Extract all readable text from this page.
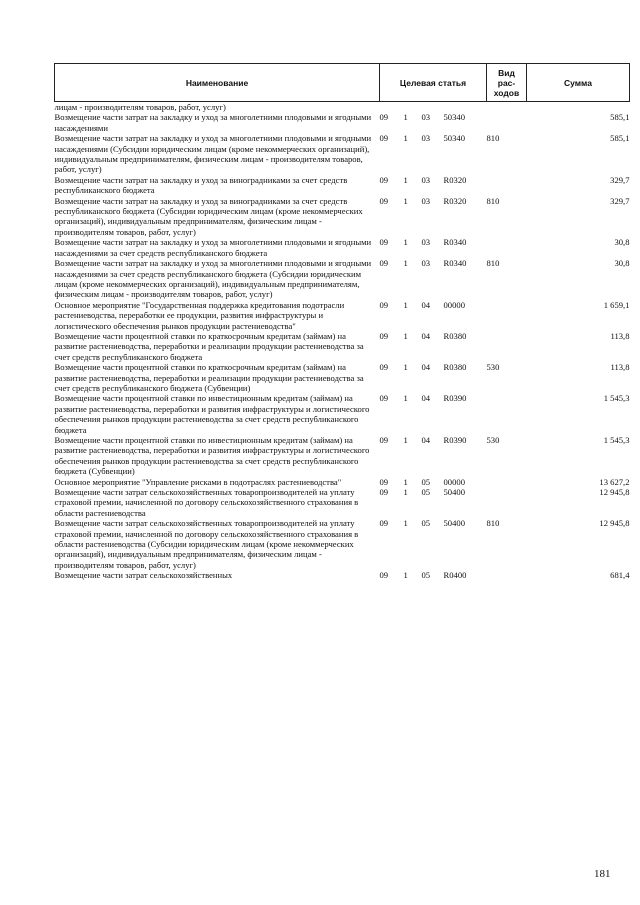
Наименование	Целевая статья				Вид рас- ходов	Сумма
лицам - производителям товаров, работ, услуг)						
Возмещение части затрат на закладку и уход за многолетними плодовыми и ягодными насаждениями	09	1	03	50340		585,1
Возмещение части затрат на закладку и уход за многолетними плодовыми и ягодными насаждениями (Субсидии юридическим лицам (кроме некоммерческих организаций), индивидуальным предпринимателям, физическим лицам - производителям товаров, работ, услуг)	09	1	03	50340	810	585,1
Возмещение части затрат на закладку и уход за виноградниками за счет средств республиканского бюджета	09	1	03	R0320		329,7
Возмещение части затрат на закладку и уход за виноградниками за счет средств республиканского бюджета (Субсидии юридическим лицам (кроме некоммерческих организаций), индивидуальным предпринимателям, физическим лицам - производителям товаров, работ, услуг)	09	1	03	R0320	810	329,7
Возмещение части затрат на закладку и уход за многолетними плодовыми и ягодными насаждениями за счет средств республиканского бюджета	09	1	03	R0340		30,8
Возмещение части затрат на закладку и уход за многолетними плодовыми и ягодными насаждениями за счет средств республиканского бюджета (Субсидии юридическим лицам (кроме некоммерческих организаций), индивидуальным предпринимателям, физическим лицам - производителям товаров, работ, услуг)	09	1	03	R0340	810	30,8
Основное мероприятие "Государственная поддержка кредитования подотрасли растениеводства, переработки ее продукции, развития инфраструктуры и логистического обеспечения рынков продукции растениеводства"	09	1	04	00000		1 659,1
Возмещение части процентной ставки по краткосрочным кредитам (займам) на развитие растениеводства, переработки и реализации продукции растениеводства за счет средств республиканского бюджета	09	1	04	R0380		113,8
Возмещение части процентной ставки по краткосрочным кредитам (займам) на развитие растениеводства, переработки и реализации продукции растениеводства за счет средств республиканского бюджета (Субвенции)	09	1	04	R0380	530	113,8
Возмещение части процентной ставки по инвестиционным кредитам (займам) на развитие растениеводства, переработки и развития инфраструктуры и логистического обеспечения рынков продукции растениеводства за счет средств республиканского бюджета	09	1	04	R0390		1 545,3
Возмещение части процентной ставки по инвестиционным кредитам (займам) на развитие растениеводства, переработки и развития инфраструктуры и логистического обеспечения рынков продукции растениеводства за счет средств республиканского бюджета (Субвенции)	09	1	04	R0390	530	1 545,3
Основное мероприятие "Управление рисками в подотраслях растениеводства"	09	1	05	00000		13 627,2
Возмещение части затрат сельскохозяйственных товаропроизводителей на уплату страховой премии, начисленной по договору сельскохозяйственного страхования в области растениеводства	09	1	05	50400		12 945,8
Возмещение части затрат сельскохозяйственных товаропроизводителей на уплату страховой премии, начисленной по договору сельскохозяйственного страхования в области растениеводства (Субсидии юридическим лицам (кроме некоммерческих организаций), индивидуальным предпринимателям, физическим лицам - производителям товаров, работ, услуг)	09	1	05	50400	810	12 945,8
Возмещение части затрат сельскохозяйственных	09	1	05	R0400		681,4
181
